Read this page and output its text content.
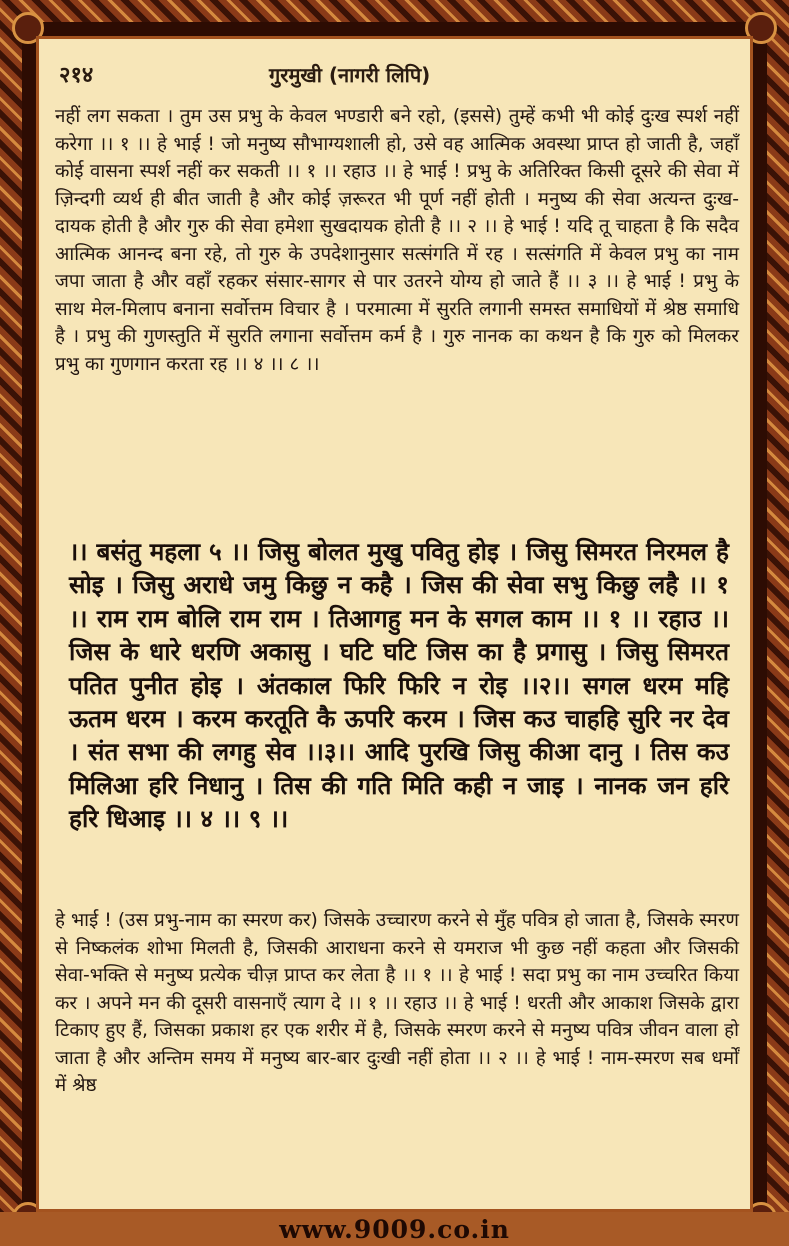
२१४	गुरमुखी (नागरी लिपि)

नहीं लग सकता । तुम उस प्रभु के केवल भण्डारी बने रहो, (इससे) तुम्हें कभी भी कोई दुःख स्पर्श नहीं करेगा ।। १ ।। हे भाई ! जो मनुष्य सौभाग्यशाली हो, उसे वह आत्मिक अवस्था प्राप्त हो जाती है, जहाँ कोई वासना स्पर्श नहीं कर सकती ।। १ ।। रहाउ ।। हे भाई ! प्रभु के अतिरिक्त किसी दूसरे की सेवा में ज़िन्दगी व्यर्थ ही बीत जाती है और कोई ज़रूरत भी पूर्ण नहीं होती । मनुष्य की सेवा अत्यन्त दुःख-दायक होती है और गुरु की सेवा हमेशा सुखदायक होती है ।। २ ।। हे भाई ! यदि तू चाहता है कि सदैव आत्मिक आनन्द बना रहे, तो गुरु के उपदेशानुसार सत्संगति में रह । सत्संगति में केवल प्रभु का नाम जपा जाता है और वहाँ रहकर संसार-सागर से पार उतरने योग्य हो जाते हैं ।। ३ ।। हे भाई ! प्रभु के साथ मेल-मिलाप बनाना सर्वोत्तम विचार है । परमात्मा में सुरति लगानी समस्त समाधियों में श्रेष्ठ समाधि है । प्रभु की गुणस्तुति में सुरति लगाना सर्वोत्तम कर्म है । गुरु नानक का कथन है कि गुरु को मिलकर प्रभु का गुणगान करता रह ।। ४ ।। ८ ।।

।। बसंतु महला ५ ।। जिसु बोलत मुखु पवितु होइ । जिसु सिमरत निरमल है सोइ । जिसु अराधे जमु किछु न कहै । जिस की सेवा सभु किछु लहै ।। १ ।। राम राम बोलि राम राम । तिआगहु मन के सगल काम ।। १ ।। रहाउ ।। जिस के धारे धरणि अकासु । घटि घटि जिस का है प्रगासु । जिसु सिमरत पतित पुनीत होइ । अंतकाल फिरि फिरि न रोइ ।।२।। सगल धरम महि ऊतम धरम । करम करतूति कै ऊपरि करम । जिस कउ चाहहि सुरि नर देव । संत सभा की लगहु सेव ।।३।। आदि पुरखि जिसु कीआ दानु । तिस कउ मिलिआ हरि निधानु । तिस की गति मिति कही न जाइ । नानक जन हरि हरि धिआइ ।। ४ ।। ९ ।।

हे भाई ! (उस प्रभु-नाम का स्मरण कर) जिसके उच्चारण करने से मुँह पवित्र हो जाता है, जिसके स्मरण से निष्कलंक शोभा मिलती है, जिसकी आराधना करने से यमराज भी कुछ नहीं कहता और जिसकी सेवा-भक्ति से मनुष्य प्रत्येक चीज़ प्राप्त कर लेता है ।। १ ।। हे भाई ! सदा प्रभु का नाम उच्चरित किया कर । अपने मन की दूसरी वासनाएँ त्याग दे ।। १ ।। रहाउ ।। हे भाई ! धरती और आकाश जिसके द्वारा टिकाए हुए हैं, जिसका प्रकाश हर एक शरीर में है, जिसके स्मरण करने से मनुष्य पवित्र जीवन वाला हो जाता है और अन्तिम समय में मनुष्य बार-बार दुःखी नहीं होता ।। २ ।। हे भाई ! नाम-स्मरण सब धर्मों में श्रेष्ठ

www.9009.co.in
